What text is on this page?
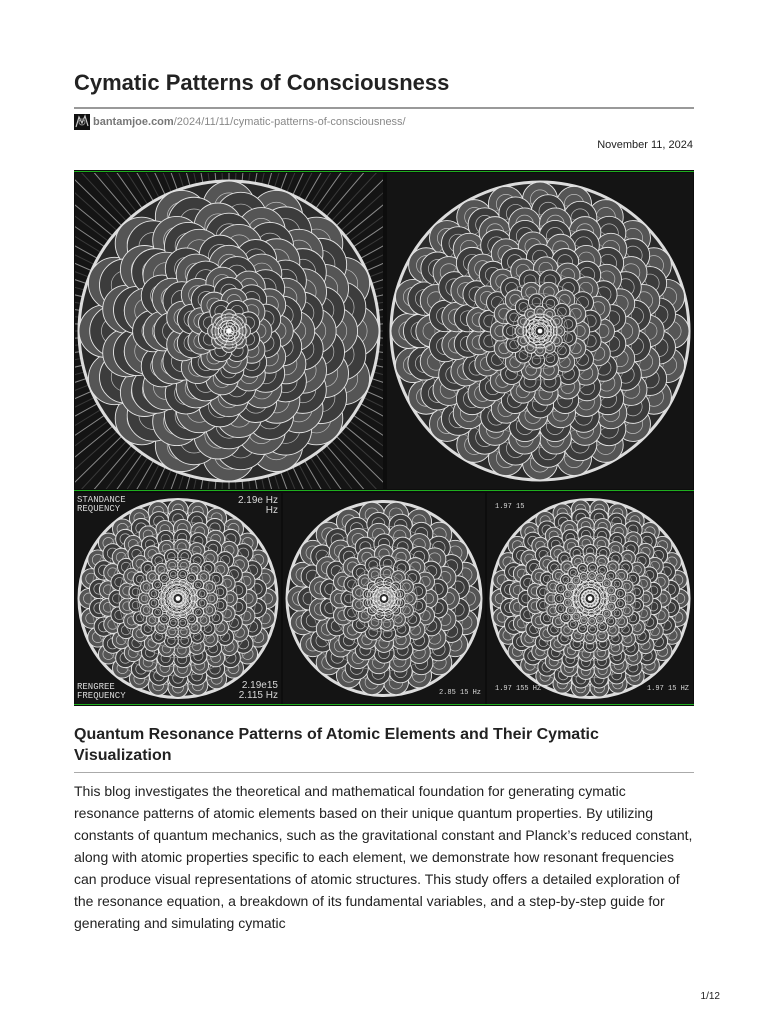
Cymatic Patterns of Consciousness
bantamjoe.com /2024/11/11/cymatic-patterns-of-consciousness/
November 11, 2024
STANDANCE
REQUENCY
2.19e Hz
Hz
RENGREE
FREQUENCY
2.19e15
2.115 Hz	2.85 15 Hz
1.97 15
1.97 155 HZ	1.97 15 HZ
Quantum Resonance Patterns of Atomic Elements and Their Cymatic Visualization

This blog investigates the theoretical and mathematical foundation for generating cymatic resonance patterns of atomic elements based on their unique quantum properties. By utilizing constants of quantum mechanics, such as the gravitational constant and Planck’s reduced constant, along with atomic properties specific to each element, we demonstrate how resonant frequencies can produce visual representations of atomic structures. This study offers a detailed exploration of the resonance equation, a breakdown of its fundamental variables, and a step-by-step guide for generating and simulating cymatic

1/12
